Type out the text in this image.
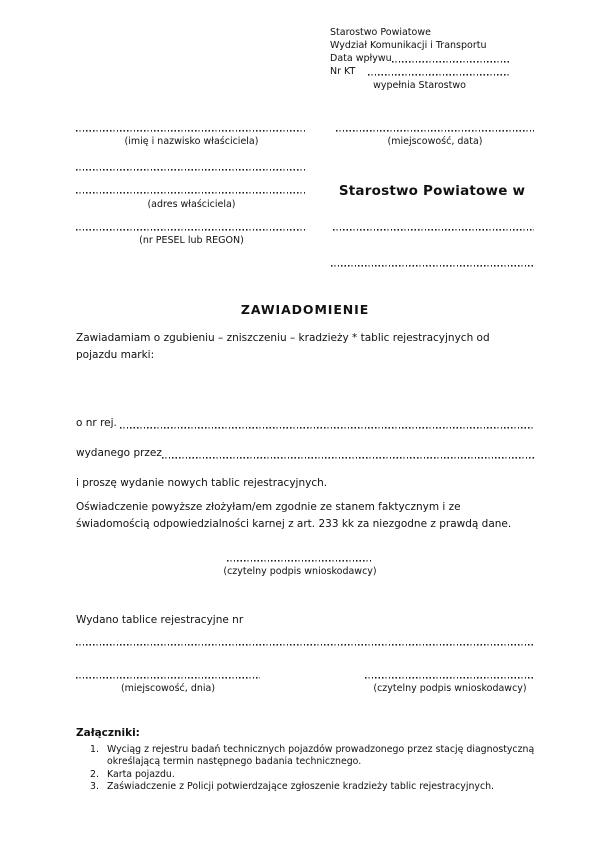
Starostwo Powiatowe
Wydział Komunikacji i Transportu
Data wpływu
Nr KT
wypełnia Starostwo
(imię i nazwisko właściciela)
(adres właściciela)
(nr PESEL lub REGON)
(miejscowość, data)
Starostwo Powiatowe w
ZAWIADOMIENIE
Zawiadamiam o zgubieniu – zniszczeniu – kradzieży * tablic rejestracyjnych od pojazdu marki:
o nr rej.
wydanego przez
i proszę wydanie nowych tablic rejestracyjnych.
Oświadczenie powyższe złożyłam/em zgodnie ze stanem faktycznym i ze świadomością odpowiedzialności karnej z art. 233 kk za niezgodne z prawdą dane.
(czytelny podpis wnioskodawcy)
Wydano tablice rejestracyjne nr
(miejscowość, dnia)	(czytelny podpis wnioskodawcy)
Załączniki:
1. Wyciąg z rejestru badań technicznych pojazdów prowadzonego przez stację diagnostyczną określającą termin następnego badania technicznego.
2. Karta pojazdu.
3. Zaświadczenie z Policji potwierdzające zgłoszenie kradzieży tablic rejestracyjnych.
